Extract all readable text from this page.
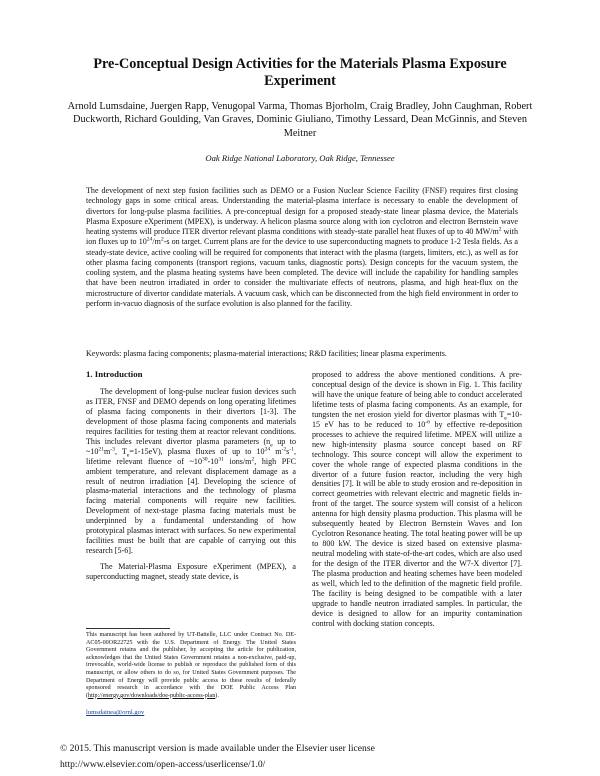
Pre-Conceptual Design Activities for the Materials Plasma Exposure Experiment
Arnold Lumsdaine, Juergen Rapp, Venugopal Varma, Thomas Bjorholm, Craig Bradley, John Caughman, Robert Duckworth, Richard Goulding, Van Graves, Dominic Giuliano, Timothy Lessard, Dean McGinnis, and Steven Meitner
Oak Ridge National Laboratory, Oak Ridge, Tennessee
The development of next step fusion facilities such as DEMO or a Fusion Nuclear Science Facility (FNSF) requires first closing technology gaps in some critical areas. Understanding the material-plasma interface is necessary to enable the development of divertors for long-pulse plasma facilities. A pre-conceptual design for a proposed steady-state linear plasma device, the Materials Plasma Exposure eXperiment (MPEX), is underway. A helicon plasma source along with ion cyclotron and electron Bernstein wave heating systems will produce ITER divertor relevant plasma conditions with steady-state parallel heat fluxes of up to 40 $MW/m^2$ with ion fluxes up to $10^{24}/m^2-s$ on target. Current plans are for the device to use superconducting magnets to produce 1-2 Tesla fields. As a steady-state device, active cooling will be required for components that interact with the plasma (targets, limiters, etc.), as well as for other plasma facing components (transport regions, vacuum tanks, diagnostic ports). Design concepts for the vacuum system, the cooling system, and the plasma heating systems have been completed. The device will include the capability for handling samples that have been neutron irradiated in order to consider the multivariate effects of neutrons, plasma, and high heat-flux on the microstructure of divertor candidate materials. A vacuum cask, which can be disconnected from the high field environment in order to perform in-vacuo diagnosis of the surface evolution is also planned for the facility.
Keywords: plasma facing components; plasma-material interactions; R&D facilities; linear plasma experiments.
1. Introduction
The development of long-pulse nuclear fusion devices such as ITER, FNSF and DEMO depends on long operating lifetimes of plasma facing components in their divertors [1-3]. The development of those plasma facing components and materials requires facilities for testing them at reactor relevant conditions. This includes relevant divertor plasma parameters ($n_e$ up to $\sim 10^{21}m^{-3}$, $T_e=1-15eV$), plasma fluxes of up to $10^{24}$ $m^{-2}s^{-1}$, lifetime relevant fluence of $\sim 10^{30}-10^{31}$ ions/$m^2$, high PFC ambient temperature, and relevant displacement damage as a result of neutron irradiation [4]. Developing the science of plasma-material interactions and the technology of plasma facing material components will require new facilities. Development of next-stage plasma facing materials must be underpinned by a fundamental understanding of how prototypical plasmas interact with surfaces. So new experimental facilities must be built that are capable of carrying out this research [5-6].
The Material-Plasma Exposure eXperiment (MPEX), a superconducting magnet, steady state device, is
proposed to address the above mentioned conditions. A pre-conceptual design of the device is shown in Fig. 1. This facility will have the unique feature of being able to conduct accelerated lifetime tests of plasma facing components. As an example, for tungsten the net erosion yield for divertor plasmas with $T_e=10-15$ eV has to be reduced to $10^{-6}$ by effective re-deposition processes to achieve the required lifetime. MPEX will utilize a new high-intensity plasma source concept based on RF technology. This source concept will allow the experiment to cover the whole range of expected plasma conditions in the divertor of a future fusion reactor, including the very high densities [7]. It will be able to study erosion and re-deposition in correct geometries with relevant electric and magnetic fields in-front of the target. The source system will consist of a helicon antenna for high density plasma production. This plasma will be subsequently heated by Electron Bernstein Waves and Ion Cyclotron Resonance heating. The total heating power will be up to 800 kW. The device is sized based on extensive plasma-neutral modeling with state-of-the-art codes, which are also used for the design of the ITER divertor and the W7-X divertor [7]. The plasma production and heating schemes have been modeled as well, which led to the definition of the magnetic field profile. The facility is being designed to be compatible with a later upgrade to handle neutron irradiated samples. In particular, the device is designed to allow for an impurity contamination control with docking station concepts.
This manuscript has been authored by UT-Battelle, LLC under Contract No. DE-AC05-00OR22725 with the U.S. Department of Energy. The United States Government retains and the publisher, by accepting the article for publication, acknowledges that the United States Government retains a non-exclusive, paid-up, irrevocable, world-wide license to publish or reproduce the published form of this manuscript, or allow others to do so, for United States Government purposes. The Department of Energy will provide public access to these results of federally sponsored research in accordance with the DOE Public Access Plan (http://energy.gov/downloads/doe-public-access-plan).
lumsdainea@ornl.gov
© 2015. This manuscript version is made available under the Elsevier user license
http://www.elsevier.com/open-access/userlicense/1.0/
